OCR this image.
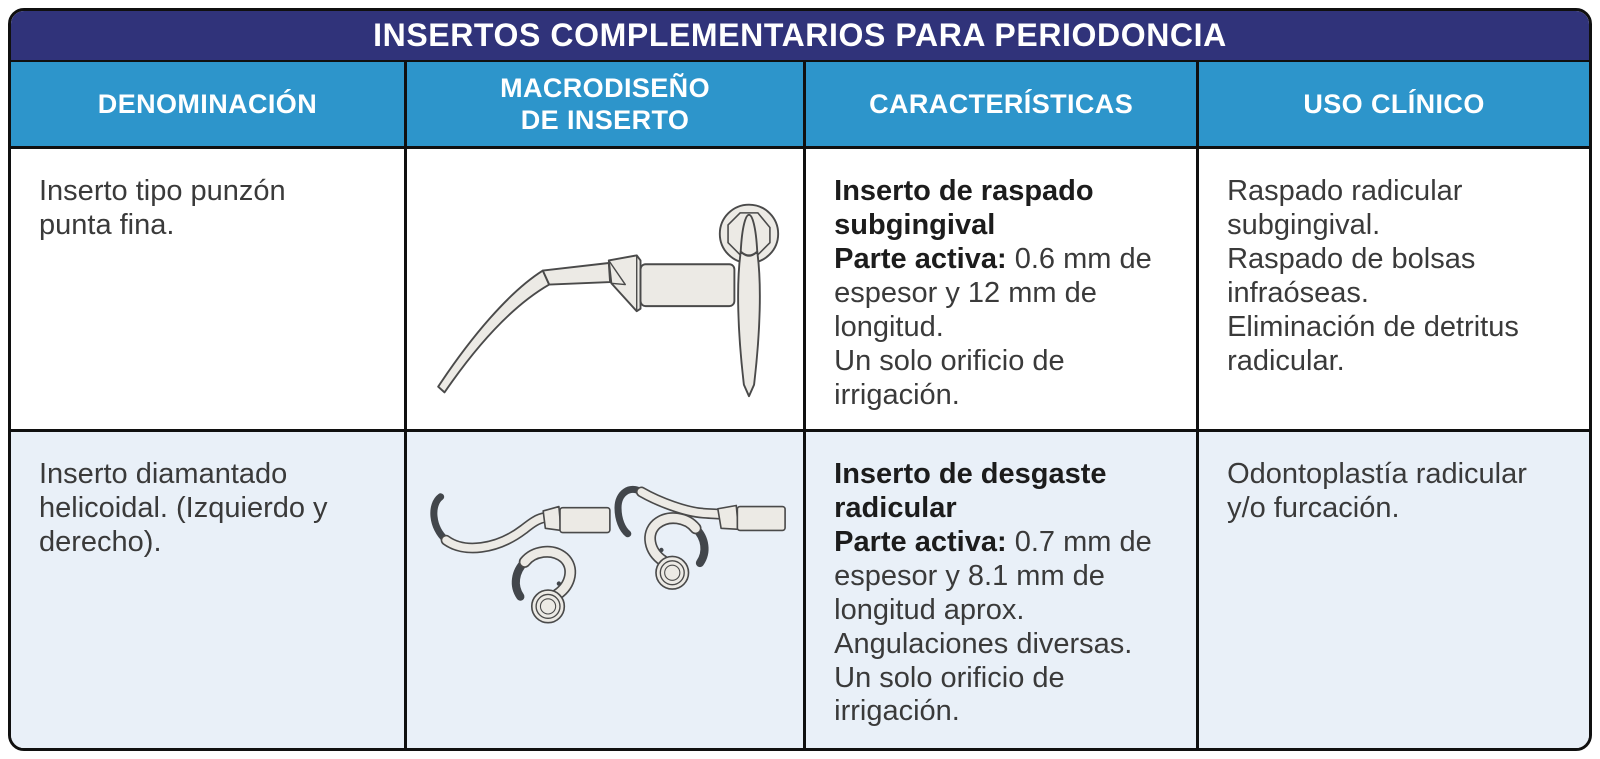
INSERTOS COMPLEMENTARIOS PARA PERIODONCIA
DENOMINACIÓN
MACRODISEÑO DE INSERTO
CARACTERÍSTICAS	USO CLÍNICO
Inserto tipo punzón punta fina.
Inserto de raspado subgingival
Parte activa: 0.6 mm de espesor y 12 mm de longitud.
Un solo orificio de irrigación.
Raspado radicular subgingival.
Raspado de bolsas infraóseas.
Eliminación de detritus radicular.
Inserto diamantado helicoidal. (Izquierdo y derecho).
Inserto de desgaste radicular
Parte activa: 0.7 mm de espesor y 8.1 mm de longitud aprox.
Angulaciones diversas.
Un solo orificio de irrigación.
Odontoplastía radicular y/o furcación.
